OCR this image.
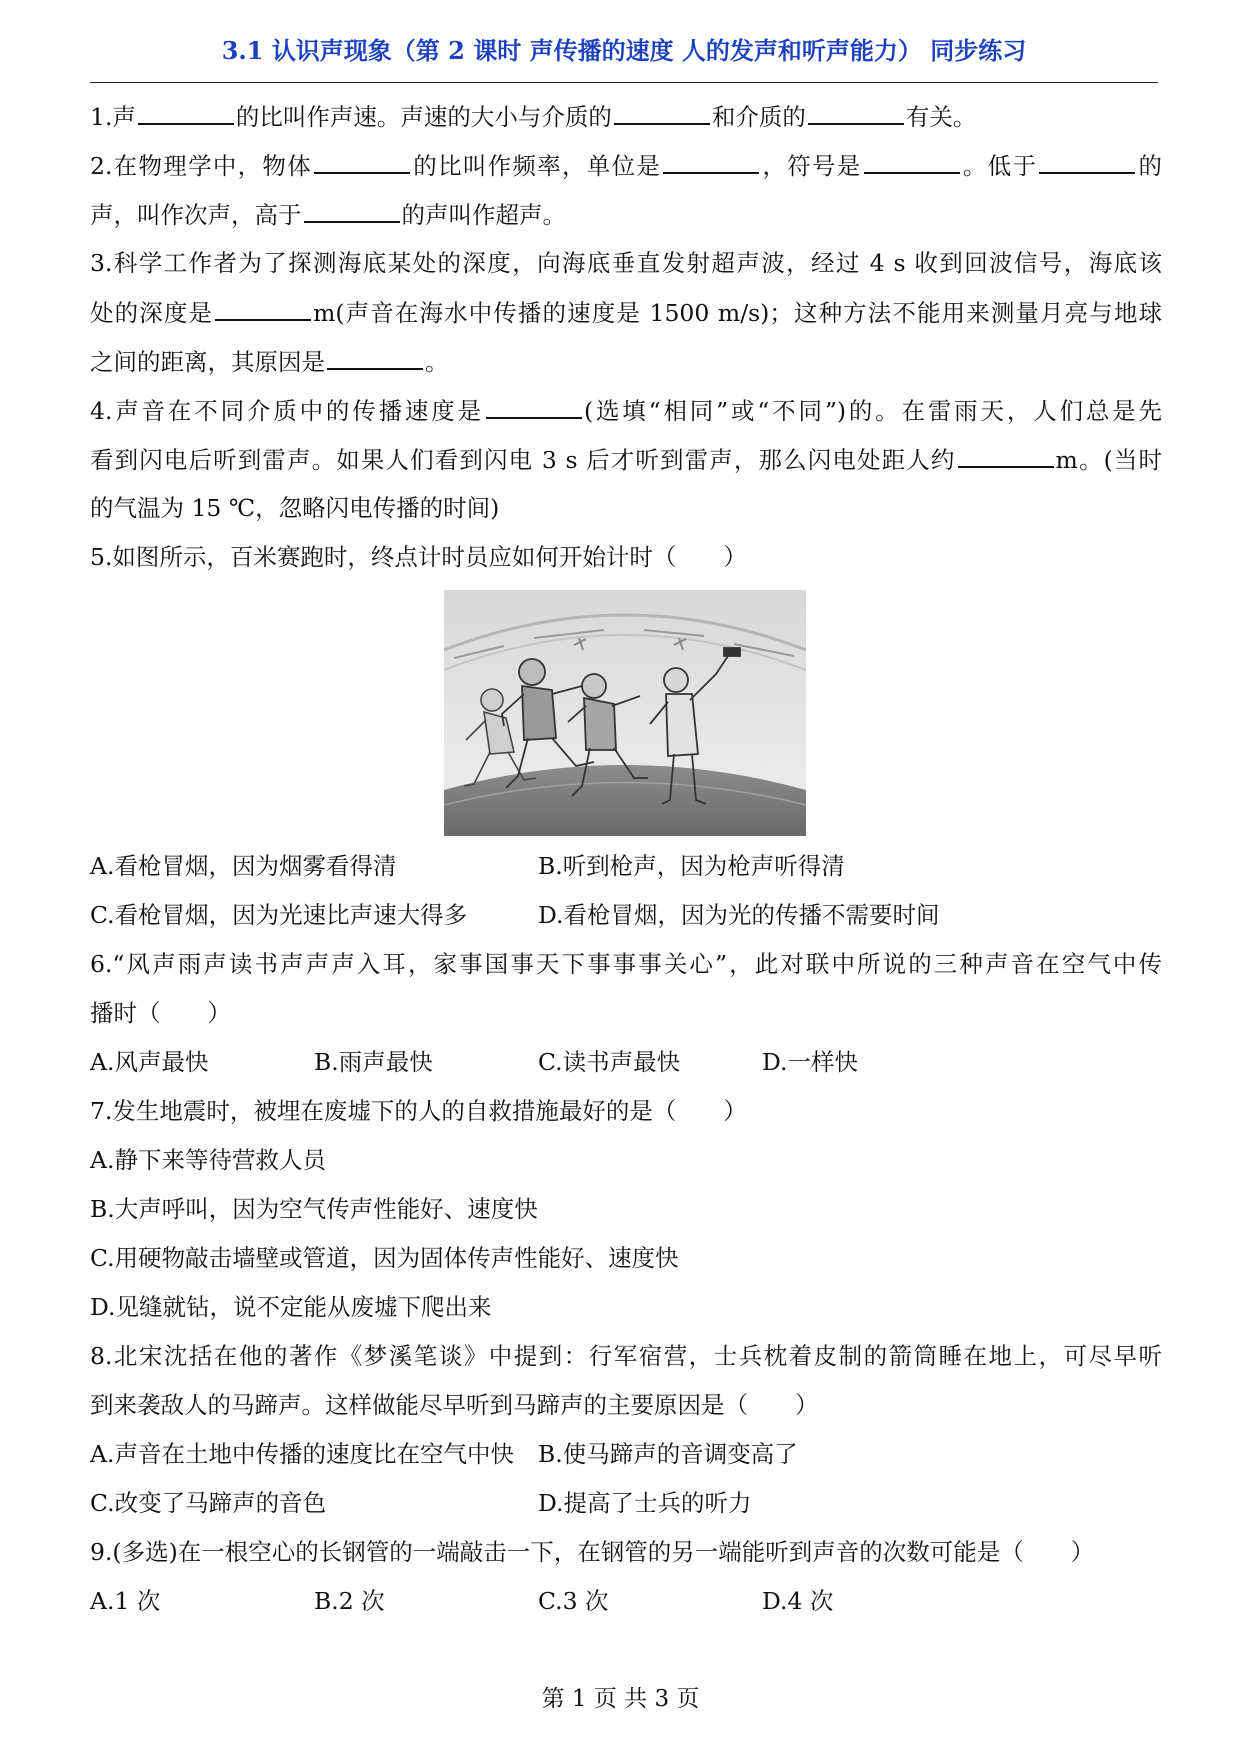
3.1 认识声现象（第 2 课时 声传播的速度 人的发声和听声能力） 同步练习
1.声	的比叫作声速。声速的大小与介质的	和介质的	有关。
2.在物理学中，物体	的比叫作频率，单位是	，符号是	。低于	的
声，叫作次声，高于	的声叫作超声。
3.科学工作者为了探测海底某处的深度，向海底垂直发射超声波，经过 4 s 收到回波信号，海底该
处的深度是	m(声音在海水中传播的速度是 1500 m/s)；这种方法不能用来测量月亮与地球
之间的距离，其原因是	。
4.声音在不同介质中的传播速度是	(选填“相同”或“不同”)的。在雷雨天，人们总是先
看到闪电后听到雷声。如果人们看到闪电 3 s 后才听到雷声，那么闪电处距人约	m。(当时
的气温为 15 ℃，忽略闪电传播的时间)
5.如图所示，百米赛跑时，终点计时员应如何开始计时（　　）
A.看枪冒烟，因为烟雾看得清	B.听到枪声，因为枪声听得清
C.看枪冒烟，因为光速比声速大得多	D.看枪冒烟，因为光的传播不需要时间
6.“风声雨声读书声声声入耳，家事国事天下事事事关心”，此对联中所说的三种声音在空气中传
播时（　　）
A.风声最快	B.雨声最快	C.读书声最快	D.一样快
7.发生地震时，被埋在废墟下的人的自救措施最好的是（　　）
A.静下来等待营救人员
B.大声呼叫，因为空气传声性能好、速度快
C.用硬物敲击墙壁或管道，因为固体传声性能好、速度快
D.见缝就钻，说不定能从废墟下爬出来
8.北宋沈括在他的著作《梦溪笔谈》中提到：行军宿营，士兵枕着皮制的箭筒睡在地上，可尽早听
到来袭敌人的马蹄声。这样做能尽早听到马蹄声的主要原因是（　　）
A.声音在土地中传播的速度比在空气中快 B.使马蹄声的音调变高了
C.改变了马蹄声的音色	D.提高了士兵的听力
9.(多选)在一根空心的长钢管的一端敲击一下，在钢管的另一端能听到声音的次数可能是（　　）
A.1 次	B.2 次	C.3 次	D.4 次
第 1 页 共 3 页
